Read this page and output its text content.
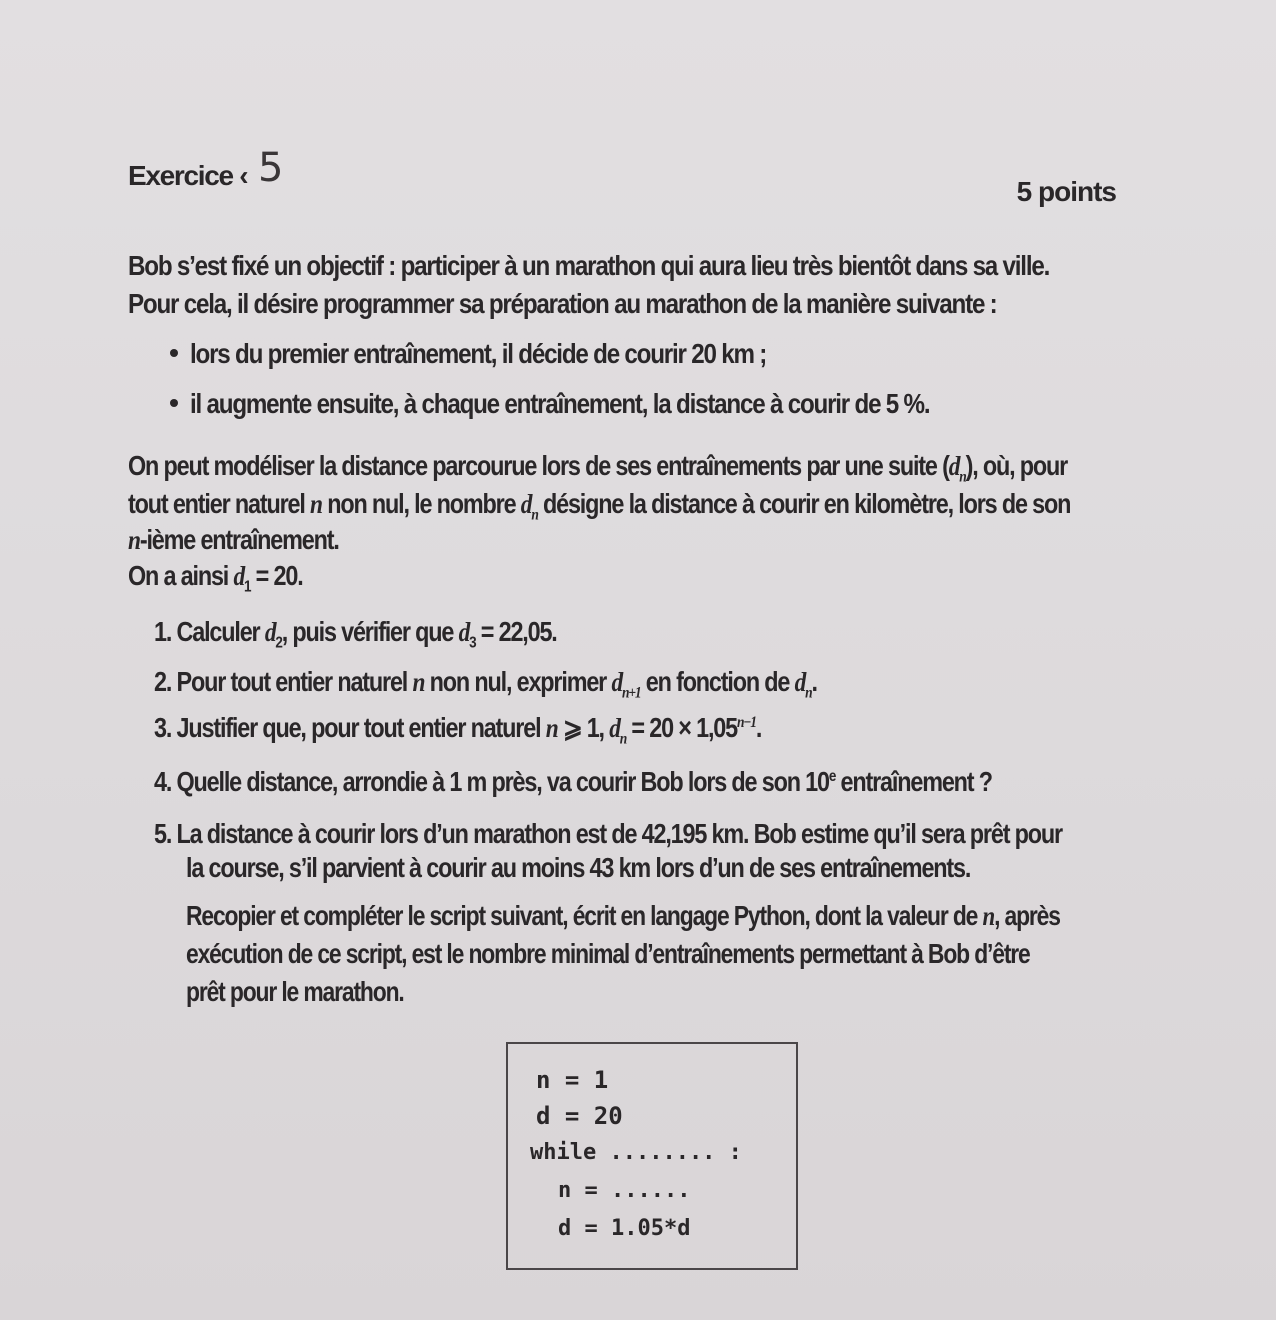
Exercice ‹ 5
5 points
Bob s’est fixé un objectif : participer à un marathon qui aura lieu très bientôt dans sa ville.
Pour cela, il désire programmer sa préparation au marathon de la manière suivante :
lors du premier entraînement, il décide de courir 20 km ;
il augmente ensuite, à chaque entraînement, la distance à courir de 5 %.
On peut modéliser la distance parcourue lors de ses entraînements par une suite $(d_n)$, où, pour
tout entier naturel n non nul, le nombre $d_n$ désigne la distance à courir en kilomètre, lors de son
n-ième entraînement.
On a ainsi $d_1 = 20$.
1. Calculer $d_2$, puis vérifier que $d_3 = 22,05$.
2. Pour tout entier naturel n non nul, exprimer $d_{n+1}$ en fonction de $d_n$.
3. Justifier que, pour tout entier naturel n ⩾ 1, $d_n = 20 \times 1,05^{n-1}$.
4. Quelle distance, arrondie à 1 m près, va courir Bob lors de son 10e entraînement ?
5. La distance à courir lors d’un marathon est de 42,195 km. Bob estime qu’il sera prêt pour
la course, s’il parvient à courir au moins 43 km lors d’un de ses entraînements.
Recopier et compléter le script suivant, écrit en langage Python, dont la valeur de n, après
exécution de ce script, est le nombre minimal d’entraînements permettant à Bob d’être
prêt pour le marathon.
n = 1
d = 20
while ........ :
n = ......
d = 1.05*d
